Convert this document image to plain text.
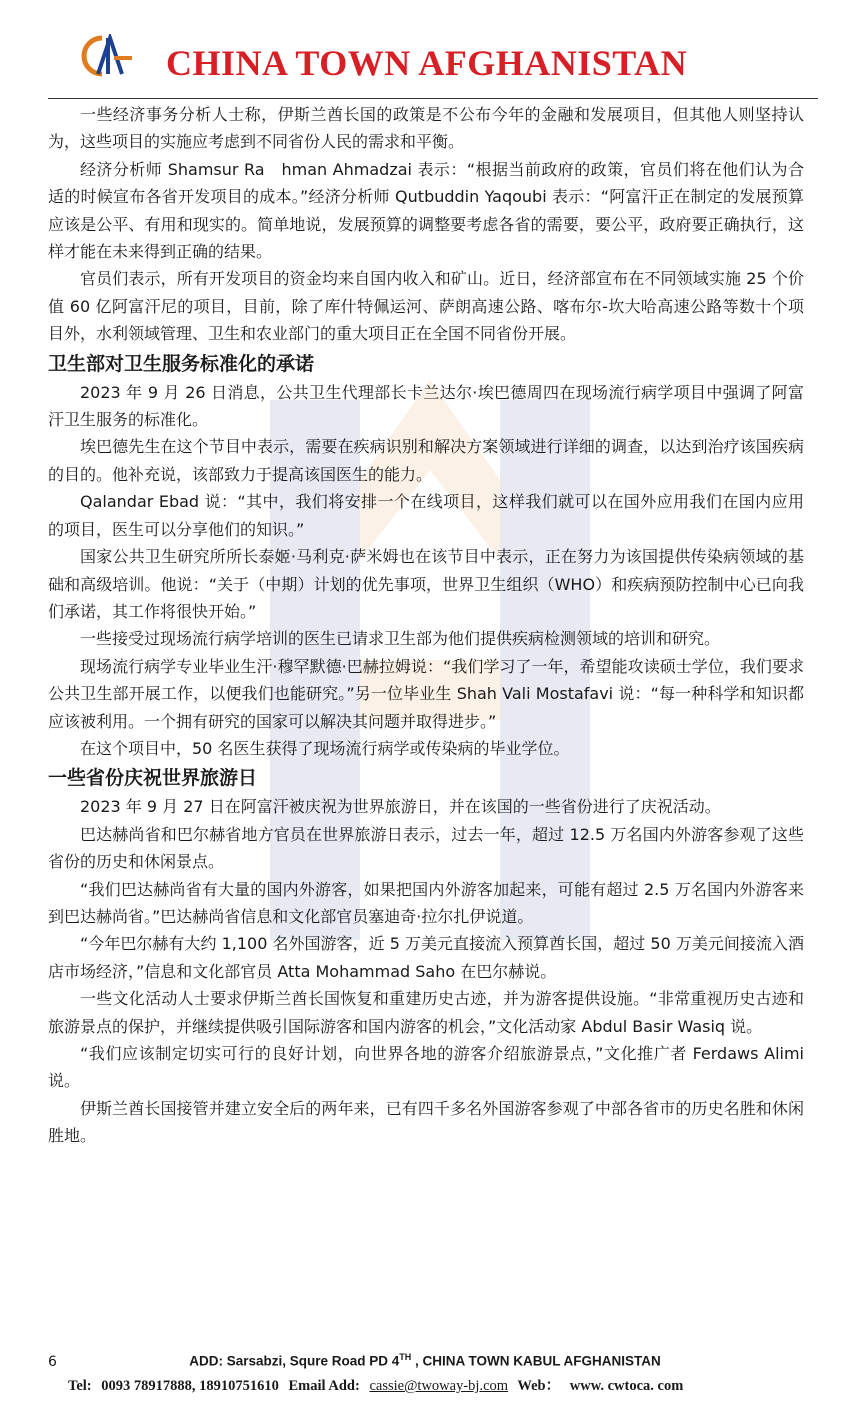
CHINA TOWN AFGHANISTAN

一些经济事务分析人士称，伊斯兰酋长国的政策是不公布今年的金融和发展项目，但其他人则坚持认为，这些项目的实施应考虑到不同省份人民的需求和平衡。

经济分析师 Shamsur Ra　hman Ahmadzai 表示：“根据当前政府的政策，官员们将在他们认为合适的时候宣布各省开发项目的成本。”经济分析师 Qutbuddin Yaqoubi 表示：“阿富汗正在制定的发展预算应该是公平、有用和现实的。简单地说，发展预算的调整要考虑各省的需要，要公平，政府要正确执行，这样才能在未来得到正确的结果。

官员们表示，所有开发项目的资金均来自国内收入和矿山。近日，经济部宣布在不同领域实施 25 个价值 60 亿阿富汗尼的项目，目前，除了库什特佩运河、萨朗高速公路、喀布尔-坎大哈高速公路等数十个项目外，水利领域管理、卫生和农业部门的重大项目正在全国不同省份开展。

卫生部对卫生服务标准化的承诺

2023 年 9 月 26 日消息，公共卫生代理部长卡兰达尔·埃巴德周四在现场流行病学项目中强调了阿富汗卫生服务的标准化。

埃巴德先生在这个节目中表示，需要在疾病识别和解决方案领域进行详细的调查，以达到治疗该国疾病的目的。他补充说，该部致力于提高该国医生的能力。

Qalandar Ebad 说：“其中，我们将安排一个在线项目，这样我们就可以在国外应用我们在国内应用的项目，医生可以分享他们的知识。”

国家公共卫生研究所所长泰姬·马利克·萨米姆也在该节目中表示，正在努力为该国提供传染病领域的基础和高级培训。他说：“关于（中期）计划的优先事项，世界卫生组织（WHO）和疾病预防控制中心已向我们承诺，其工作将很快开始。”

一些接受过现场流行病学培训的医生已请求卫生部为他们提供疾病检测领域的培训和研究。

现场流行病学专业毕业生汗·穆罕默德·巴赫拉姆说：“我们学习了一年，希望能攻读硕士学位，我们要求公共卫生部开展工作，以便我们也能研究。”另一位毕业生 Shah Vali Mostafavi 说：“每一种科学和知识都应该被利用。一个拥有研究的国家可以解决其问题并取得进步。”

在这个项目中，50 名医生获得了现场流行病学或传染病的毕业学位。

一些省份庆祝世界旅游日

2023 年 9 月 27 日在阿富汗被庆祝为世界旅游日，并在该国的一些省份进行了庆祝活动。

巴达赫尚省和巴尔赫省地方官员在世界旅游日表示，过去一年，超过 12.5 万名国内外游客参观了这些省份的历史和休闲景点。

“我们巴达赫尚省有大量的国内外游客，如果把国内外游客加起来，可能有超过 2.5 万名国内外游客来到巴达赫尚省。”巴达赫尚省信息和文化部官员塞迪奇·拉尔扎伊说道。

“今年巴尔赫有大约 1,100 名外国游客，近 5 万美元直接流入预算酋长国，超过 50 万美元间接流入酒店市场经济，”信息和文化部官员 Atta Mohammad Saho 在巴尔赫说。

一些文化活动人士要求伊斯兰酋长国恢复和重建历史古迹，并为游客提供设施。“非常重视历史古迹和旅游景点的保护，并继续提供吸引国际游客和国内游客的机会，”文化活动家 Abdul Basir Wasiq 说。

“我们应该制定切实可行的良好计划，向世界各地的游客介绍旅游景点，”文化推广者 Ferdaws Alimi 说。

伊斯兰酋长国接管并建立安全后的两年来，已有四千多名外国游客参观了中部各省市的历史名胜和休闲胜地。

6	ADD: Sarsabzi, Squre Road PD 4TH , CHINA TOWN KABUL AFGHANISTAN
Tel: 0093 78917888, 18910751610 Email Add: cassie@twoway-bj.com Web： www. cwtoca. com
